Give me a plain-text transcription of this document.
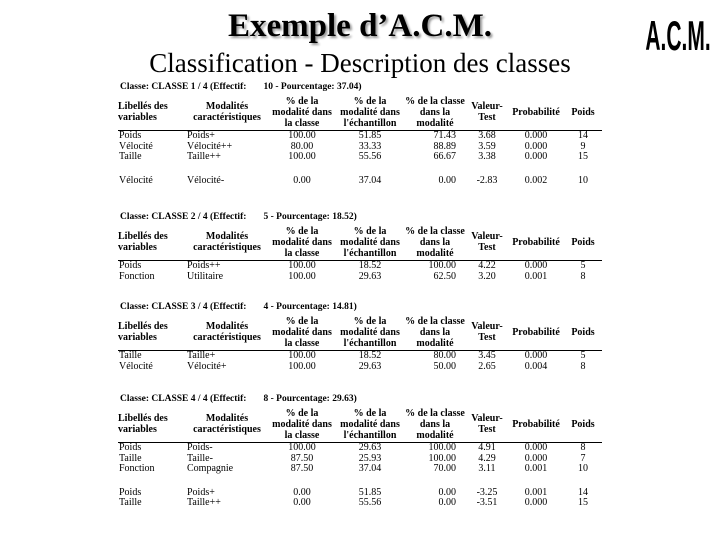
Exemple d’A.C.M.
Classification - Description des classes
A.C.M.
Classe: CLASSE 1 / 4 (Effectif:   10 - Pourcentage: 37.04)
Libellés des variables	Modalités caractéristiques	% de la modalité dans la classe	% de la modalité dans l'échantillon	% de la classe dans la modalité	Valeur-Test	Probabilité	Poids
Poids	Poids+	100.00	51.85	71.43	3.68	0.000	14
Vélocité	Vélocité++	80.00	33.33	88.89	3.59	0.000	9
Taille	Taille++	100.00	55.56	66.67	3.38	0.000	15

Vélocité	Vélocité-	0.00	37.04	0.00	-2.83	0.002	10
Classe: CLASSE 2 / 4 (Effectif:   5 - Pourcentage: 18.52)
Libellés des variables	Modalités caractéristiques	% de la modalité dans la classe	% de la modalité dans l'échantillon	% de la classe dans la modalité	Valeur-Test	Probabilité	Poids
Poids	Poids++	100.00	18.52	100.00	4.22	0.000	5
Fonction	Utilitaire	100.00	29.63	62.50	3.20	0.001	8
Classe: CLASSE 3 / 4 (Effectif:   4 - Pourcentage: 14.81)
Libellés des variables	Modalités caractéristiques	% de la modalité dans la classe	% de la modalité dans l'échantillon	% de la classe dans la modalité	Valeur-Test	Probabilité	Poids
Taille	Taille+	100.00	18.52	80.00	3.45	0.000	5
Vélocité	Vélocité+	100.00	29.63	50.00	2.65	0.004	8
Classe: CLASSE 4 / 4 (Effectif:   8 - Pourcentage: 29.63)
Libellés des variables	Modalités caractéristiques	% de la modalité dans la classe	% de la modalité dans l'échantillon	% de la classe dans la modalité	Valeur-Test	Probabilité	Poids
Poids	Poids-	100.00	29.63	100.00	4.91	0.000	8
Taille	Taille-	87.50	25.93	100.00	4.29	0.000	7
Fonction	Compagnie	87.50	37.04	70.00	3.11	0.001	10

Poids	Poids+	0.00	51.85	0.00	-3.25	0.001	14
Taille	Taille++	0.00	55.56	0.00	-3.51	0.000	15
